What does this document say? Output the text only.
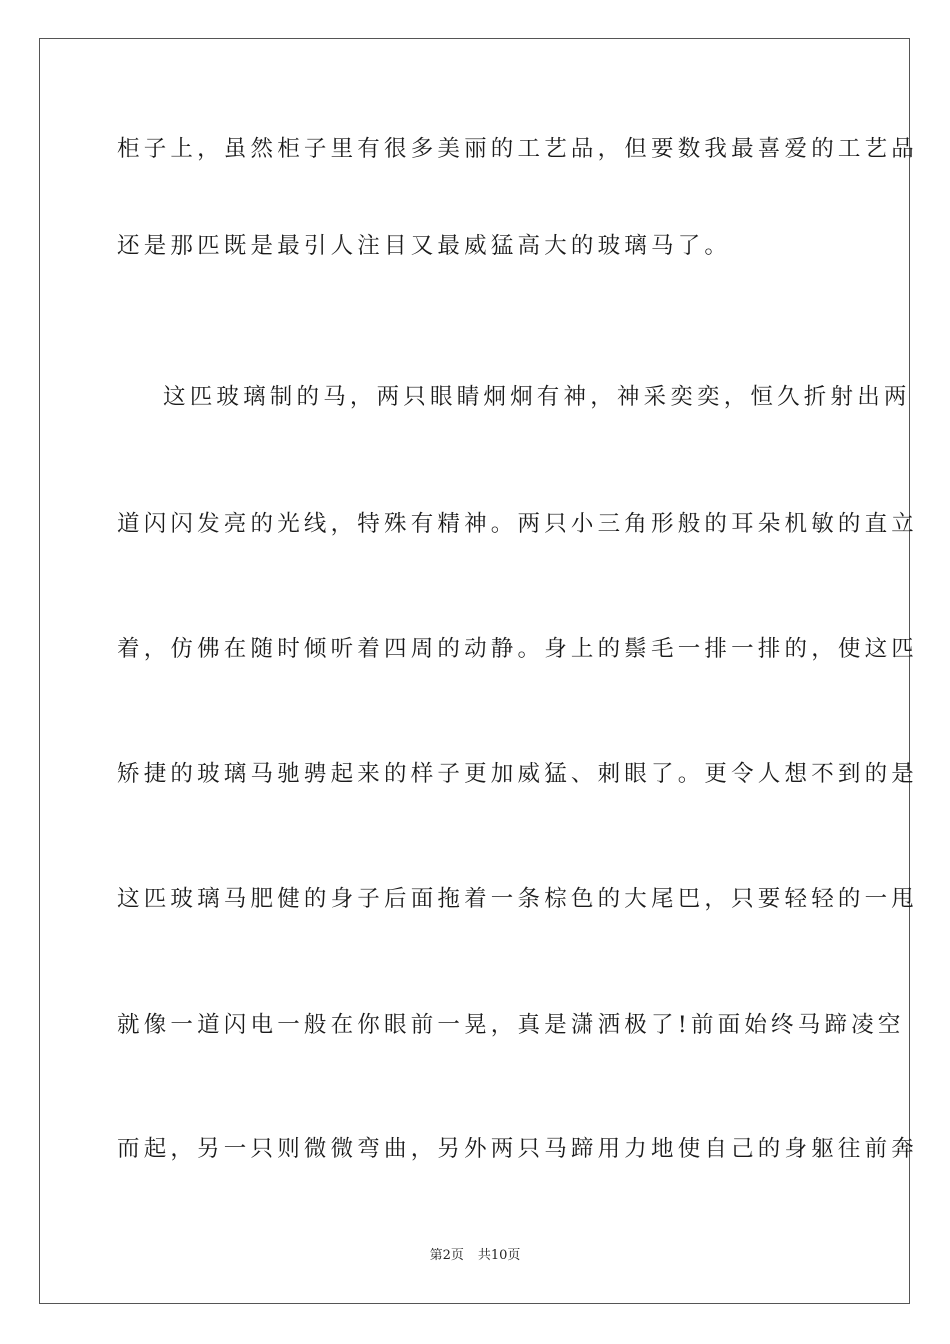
柜子上，虽然柜子里有很多美丽的工艺品，但要数我最喜爱的工艺品
还是那匹既是最引人注目又最威猛高大的玻璃马了。
这匹玻璃制的马，两只眼睛炯炯有神，神采奕奕，恒久折射出两
道闪闪发亮的光线，特殊有精神。两只小三角形般的耳朵机敏的直立
着，仿佛在随时倾听着四周的动静。身上的鬃毛一排一排的，使这匹
矫捷的玻璃马驰骋起来的样子更加威猛、刺眼了。更令人想不到的是
这匹玻璃马肥健的身子后面拖着一条棕色的大尾巴，只要轻轻的一甩
就像一道闪电一般在你眼前一晃，真是潇洒极了!前面始终马蹄凌空
而起，另一只则微微弯曲，另外两只马蹄用力地使自己的身躯往前奔
第2页 共10页
